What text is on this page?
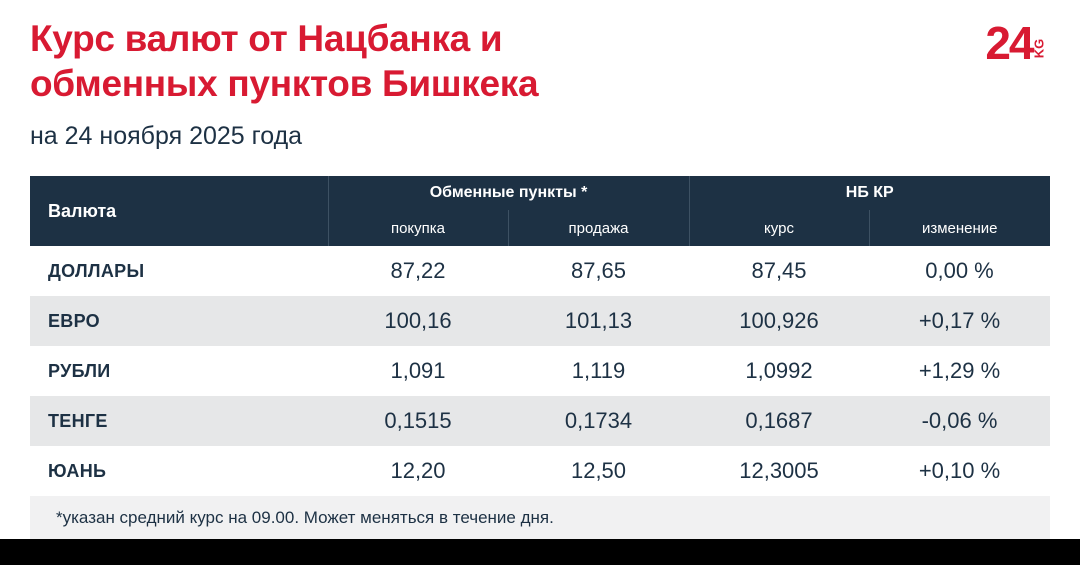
Курс валют от Нацбанка и
обменных пунктов Бишкека
на 24 ноября 2025 года
24KG
Валюта	Обменные пункты *		НБ КР	
	покупка	продажа	курс	изменение
ДОЛЛАРЫ	87,22	87,65	87,45	0,00 %
ЕВРО	100,16	101,13	100,926	+0,17 %
РУБЛИ	1,091	1,119	1,0992	+1,29 %
ТЕНГЕ	0,1515	0,1734	0,1687	-0,06 %
ЮАНЬ	12,20	12,50	12,3005	+0,10 %
*указан средний курс на 09.00. Может меняться в течение дня.				
